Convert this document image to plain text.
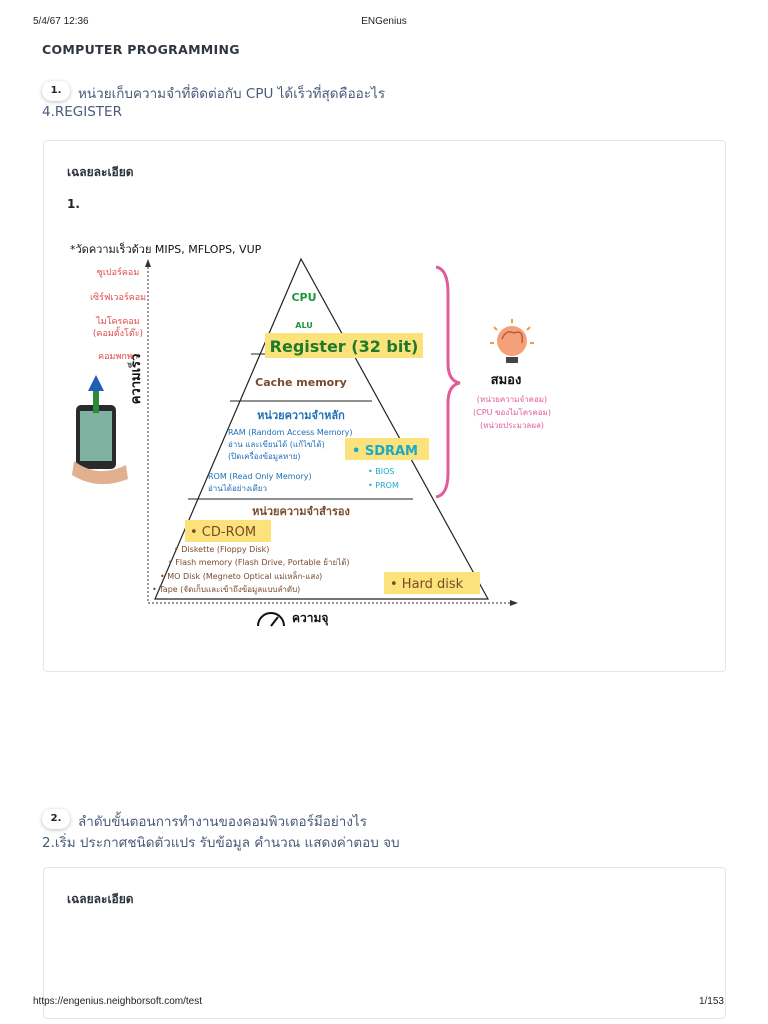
5/4/67 12:36	ENGenius
COMPUTER PROGRAMMING
1.	หน่วยเก็บความจำที่ติดต่อกับ CPU ได้เร็วที่สุดคืออะไร
4.REGISTER
เฉลยละเอียด
1.
*วัดความเร็วด้วย MIPS, MFLOPS, VUP
ซูเปอร์คอม
เซิร์ฟเวอร์คอม
ไมโครคอม
(คอมตั้งโต๊ะ)
คอมพกพา
ความเร็ว
ความจุ
CPU
ALU
Register (32 bit)
Cache memory
หน่วยความจำหลัก
RAM (Random Access Memory)
อ่าน และเขียนได้ (แก้ไขได้)
(ปิดเครื่องข้อมูลหาย)
ROM (Read Only Memory)
อ่านได้อย่างเดียว
• SDRAM
• BIOS
• PROM
หน่วยความจำสำรอง
• CD-ROM
• Diskette (Floppy Disk)
• Flash memory (Flash Drive, Portable ย้ายได้)
• MO Disk (Megneto Optical แม่เหล็ก-แสง)
• Tape (จัดเก็บและเข้าถึงข้อมูลแบบลำดับ)	• Hard disk
สมอง
(หน่วยความจำคอม)
(CPU ของไมโครคอม)
(หน่วยประมวลผล)
2.	ลำดับขั้นตอนการทำงานของคอมพิวเตอร์มีอย่างไร
2.เริ่ม ประกาศชนิดตัวแปร รับข้อมูล คำนวณ แสดงค่าตอบ จบ
เฉลยละเอียด
https://engenius.neighborsoft.com/test	1/153
